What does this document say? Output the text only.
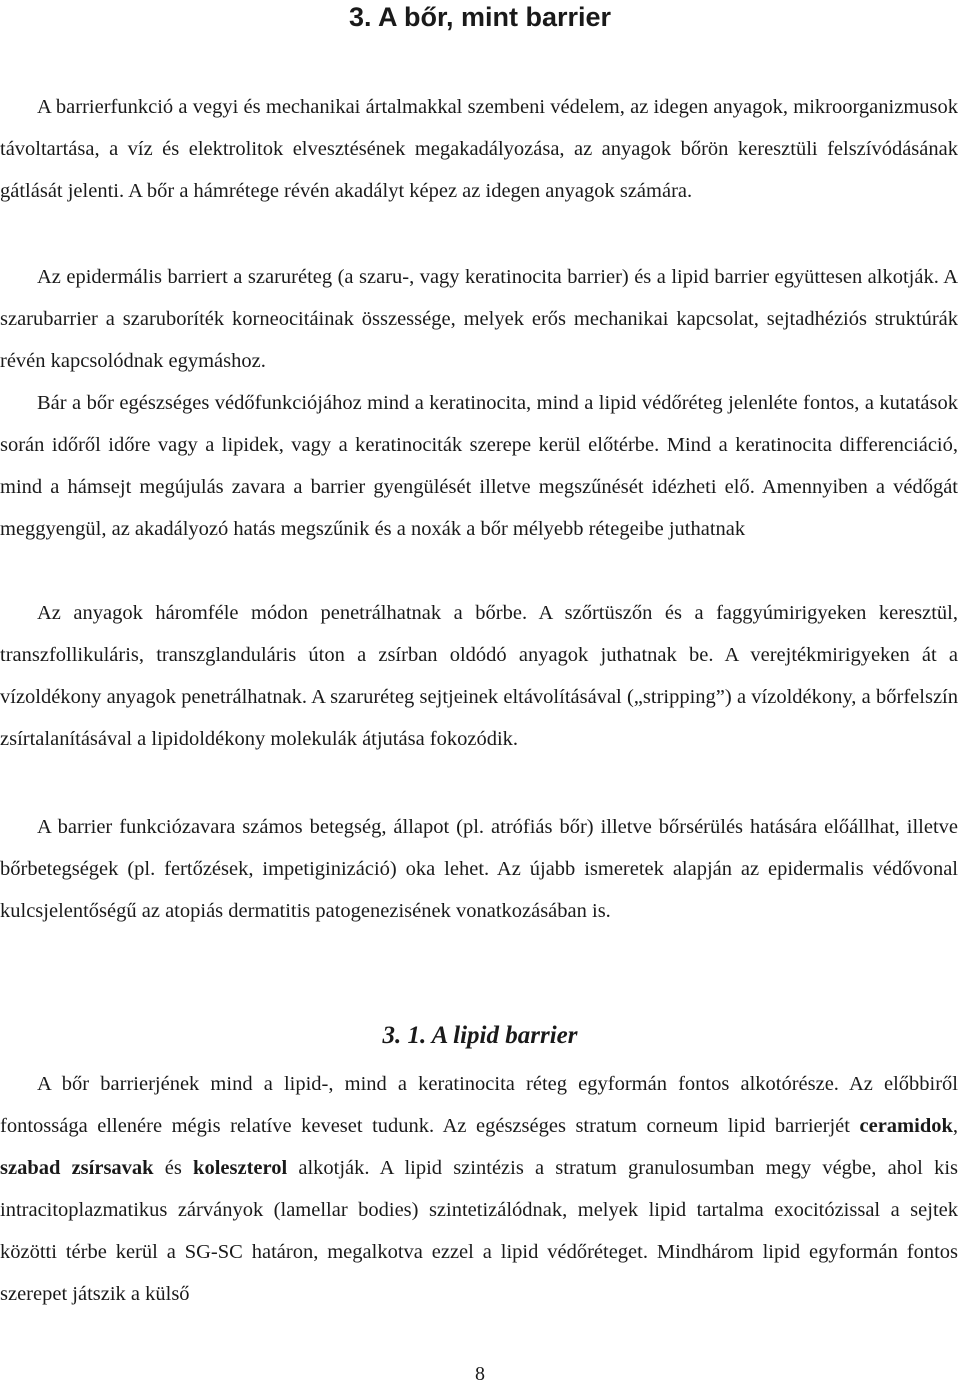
3. A bőr, mint barrier

A barrierfunkció a vegyi és mechanikai ártalmakkal szembeni védelem, az idegen anyagok, mikroorganizmusok távoltartása, a víz és elektrolitok elvesztésének megakadályozása, az anyagok bőrön keresztüli felszívódásának gátlását jelenti. A bőr a hámrétege révén akadályt képez az idegen anyagok számára.

Az epidermális barriert a szaruréteg (a szaru-, vagy keratinocita barrier) és a lipid barrier együttesen alkotják. A szarubarrier a szaruboríték korneocitáinak összessége, melyek erős mechanikai kapcsolat, sejtadhéziós struktúrák révén kapcsolódnak egymáshoz.

Bár a bőr egészséges védőfunkciójához mind a keratinocita, mind a lipid védőréteg jelenléte fontos, a kutatások során időről időre vagy a lipidek, vagy a keratinociták szerepe kerül előtérbe. Mind a keratinocita differenciáció, mind a hámsejt megújulás zavara a barrier gyengülését illetve megszűnését idézheti elő. Amennyiben a védőgát meggyengül, az akadályozó hatás megszűnik és a noxák a bőr mélyebb rétegeibe juthatnak

Az anyagok háromféle módon penetrálhatnak a bőrbe. A szőrtüszőn és a faggyúmirigyeken keresztül, transzfollikuláris, transzglanduláris úton a zsírban oldódó anyagok juthatnak be. A verejtékmirigyeken át a vízoldékony anyagok penetrálhatnak. A szaruréteg sejtjeinek eltávolításával („stripping”) a vízoldékony, a bőrfelszín zsírtalanításával a lipidoldékony molekulák átjutása fokozódik.

A barrier funkciózavara számos betegség, állapot (pl. atrófiás bőr) illetve bőrsérülés hatására előállhat, illetve bőrbetegségek (pl. fertőzések, impetiginizáció) oka lehet. Az újabb ismeretek alapján az epidermalis védővonal kulcsjelentőségű az atopiás dermatitis patogenezisének vonatkozásában is.

3. 1. A lipid barrier

A bőr barrierjének mind a lipid-, mind a keratinocita réteg egyformán fontos alkotórésze. Az előbbiről fontossága ellenére mégis relatíve keveset tudunk. Az egészséges stratum corneum lipid barrierjét ceramidok, szabad zsírsavak és koleszterol alkotják. A lipid szintézis a stratum granulosumban megy végbe, ahol kis intracitoplazmatikus zárványok (lamellar bodies) szintetizálódnak, melyek lipid tartalma exocitózissal a sejtek közötti térbe kerül a SG-SC határon, megalkotva ezzel a lipid védőréteget. Mindhárom lipid egyformán fontos szerepet játszik a külső

8
